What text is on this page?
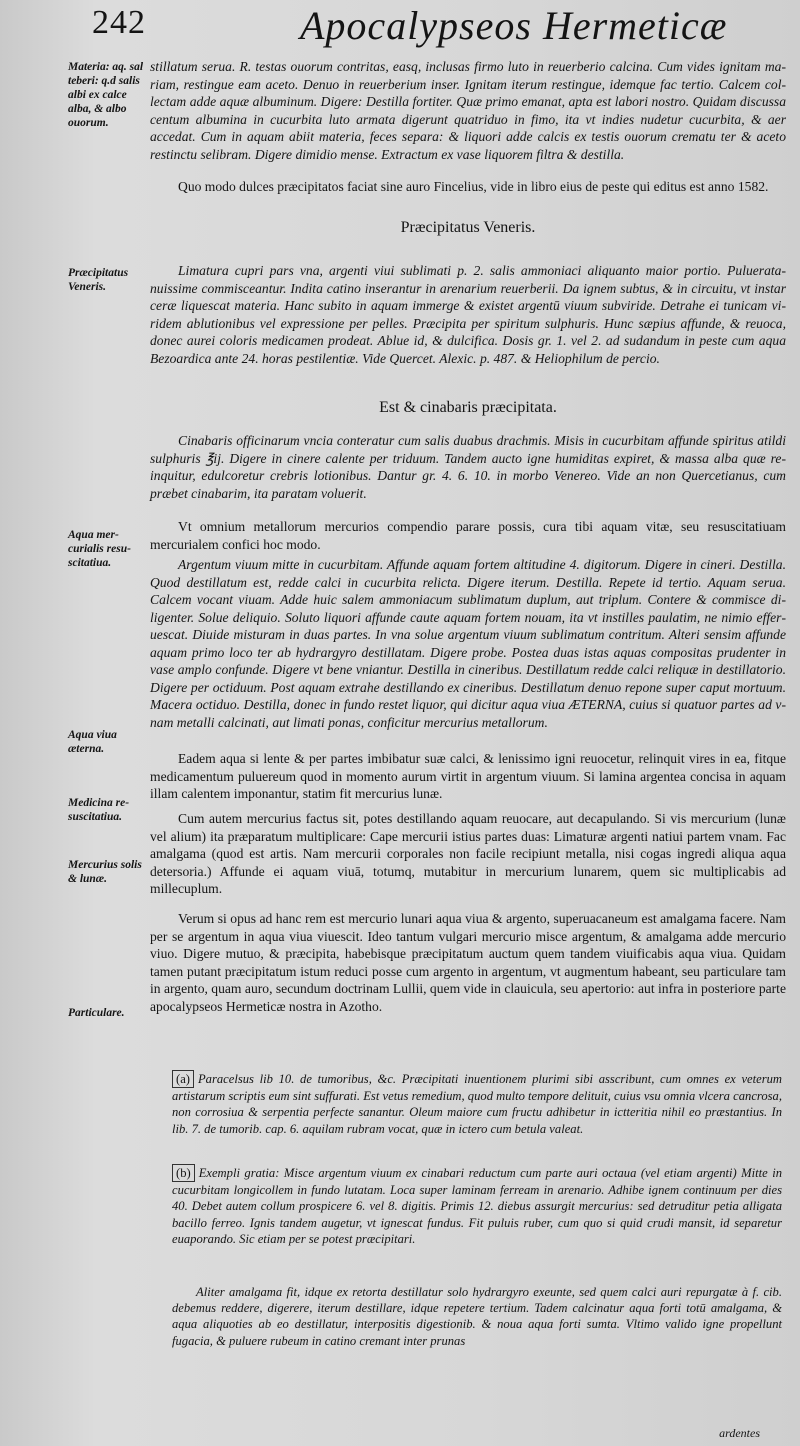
242	Apocalypseos Hermeticæ
Materia: aq. sal teberi: q.d salis albi ex calce alba, & albo ouorum.
Præcipitatus Veneris.
Aqua mercurialis resuscitatiua.
Aqua viua æterna.
Medicina resuscitatiua.
Mercurius solis & lunæ.
Particulare.
stillatum serua. R. testas ouorum contritas, easq, inclusas firmo luto in reuerberio calcina. Cum vides ignitam mariam, restingue eam aceto. Denuo in reuerberium inser. Ignitam iterum restingue, idemque fac tertio. Calcem collectam adde aquæ albuminum. Digere: Destilla fortiter. Quæ primo emanat, apta est labori nostro. Quidam discussa centum albumina in cucurbita luto armata digerunt quatriduo in fimo, ita vt indies nudetur cucurbita, & aer accedat. Cum in aquam abiit materia, feces separa: & liquori adde calcis ex testis ouorum crematu ter & aceto restinctu selibram. Digere dimidio mense. Extractum ex vase liquorem filtra & destilla.
Quo modo dulces præcipitatos faciat sine auro Fincelius, vide in libro eius de peste qui editus est anno 1582.
Præcipitatus Veneris.
Limatura cupri pars vna, argenti viui sublimati p. 2. salis ammoniaci aliquanto maior portio. Puluerata nuissime commisceantur. Indita catino inserantur in arenarium reuerberii. Da ignem subtus, & in circuitu, vt instar ceræ liquescat materia. Hanc subito in aquam immerge & existet argentū viuum subviride. Detrahe ei tunicam viridem ablutionibus vel expressione per pelles. Præcipita per spiritum sulphuris. Hunc sæpius affunde, & reuoca, donec aurei coloris medicamen prodeat. Ablue id, & dulcifica. Dosis gr. 1. vel 2. ad sudandum in peste cum aqua Bezoardica ante 24. horas pestilentiæ. Vide Quercet. Alexic. p. 487. & Heliophilum de percio.
Est & cinabaris præcipitata.
Cinabaris officinarum vncia conteratur cum salis duabus drachmis. Misis in cucurbitam affunde spiritus atildi sulphuris ℥ij. Digere in cinere calente per triduum. Tandem aucto igne humiditas expiret, & massa alba quæ reinquitur, edulcoretur crebris lotionibus. Dantur gr. 4. 6. 10. in morbo Venereo. Vide an non Quercetianus, cum præbet cinabarim, ita paratam voluerit.
Vt omnium metallorum mercurios compendio parare possis, cura tibi aquam vitæ, seu resuscitatiuam mercurialem confici hoc modo.
Argentum viuum mitte in cucurbitam. Affunde aquam fortem altitudine 4. digitorum. Digere in cineri. Destilla. Quod destillatum est, redde calci in cucurbita relicta. Digere iterum. Destilla. Repete id tertio. Aquam serua. Calcem vocant viuam. Adde huic salem ammoniacum sublimatum duplum, aut triplum. Contere & commisce diligenter. Solue deliquio. Soluto liquori affunde caute aquam fortem nouam, ita vt instilles paulatim, ne nimio efferuescat. Diuide misturam in duas partes. In vna solue argentum viuum sublimatum contritum. Alteri sensim affunde aquam primo loco ter ab hydrargyro destillatam. Digere probe. Postea duas istas aquas compositas prudenter in vase amplo confunde. Digere vt bene vniantur. Destilla in cineribus. Destillatum redde calci reliquæ in destillatorio. Digere per octiduum. Post aquam extrahe destillando ex cineribus. Destillatum denuo repone super caput mortuum. Macera octiduo. Destilla, donec in fundo restet liquor, qui dicitur aqua viua ÆTERNA, cuius si quatuor partes ad vnam metalli calcinati, aut limati ponas, conficitur mercurius metallorum.
Eadem aqua si lente & per partes imbibatur suæ calci, & lenissimo igni reuocetur, relinquit vires in ea, fitque medicamentum puluereum quod in momento aurum virtit in argentum viuum. Si lamina argentea concisa in aquam illam calentem imponantur, statim fit mercurius lunæ.
Cum autem mercurius factus sit, potes destillando aquam reuocare, aut decapulando. Si vis mercurium (lunæ vel alium) ita præparatum multiplicare: Cape mercurii istius partes duas: Limaturæ argenti natiui partem vnam. Fac amalgama (quod est artis. Nam mercurii corporales non facile recipiunt metalla, nisi cogas ingredi aliqua aqua detersoria.) Affunde ei aquam viuā, totumq, mutabitur in mercurium lunarem, quem sic multiplicabis ad millecuplum.
Verum si opus ad hanc rem est mercurio lunari aqua viua & argento, superuacaneum est amalgama facere. Nam per se argentum in aqua viua viuescit. Ideo tantum vulgari mercurio misce argentum, & amalgama adde mercurio viuo. Digere mutuo, & præcipita, habebisque præcipitatum auctum quem tandem viuificabis aqua viua. Quidam tamen putant præcipitatum istum reduci posse cum argento in argentum, vt augmentum habeant, seu particulare tam in argento, quam auro, secundum doctrinam Lullii, quem vide in clauicula, seu apertorio: aut infra in posteriore parte apocalypseos Hermeticæ nostra in Azotho.
(a) Paracelsus lib 10. de tumoribus, &c. Præcipitati inuentionem plurimi sibi asscribunt, cum omnes ex veterum artistarum scriptis eum sint suffurati. Est vetus remedium, quod multo tempore delituit, cuius vsu omnia vlcera cancrosa, non corrosiua & serpentia perfecte sanantur. Oleum maiore cum fructu adhibetur in ictteritia nihil eo præstantius. In lib. 7. de tumorib. cap. 6. aquilam rubram vocat, quæ in ictero cum betula valeat.
(b) Exempli gratia: Misce argentum viuum ex cinabari reductum cum parte auri octaua (vel etiam argenti) Mitte in cucurbitam longicollem in fundo lutatam. Loca super laminam ferream in arenario. Adhibe ignem continuum per dies 40. Debet autem collum prospicere 6. vel 8. digitis. Primis 12. diebus assurgit mercurius: sed detruditur petia alligata bacillo ferreo. Ignis tandem augetur, vt ignescat fundus. Fit puluis ruber, cum quo si quid crudi mansit, id separetur euaporando. Sic etiam per se potest præcipitari.
Aliter amalgama fit, idque ex retorta destillatur solo hydrargyro exeunte, sed quem calci auri repurgatæ à f. cib. debemus reddere, digerere, iterum destillare, idque repetere tertium. Tadem calcinatur aqua forti totū amalgama, & aqua aliquoties ab eo destillatur, interpositis digestionib. & noua aqua forti sumta. Vltimo valido igne propellunt fugacia, & puluere rubeum in catino cremant inter prunas
ardentes
